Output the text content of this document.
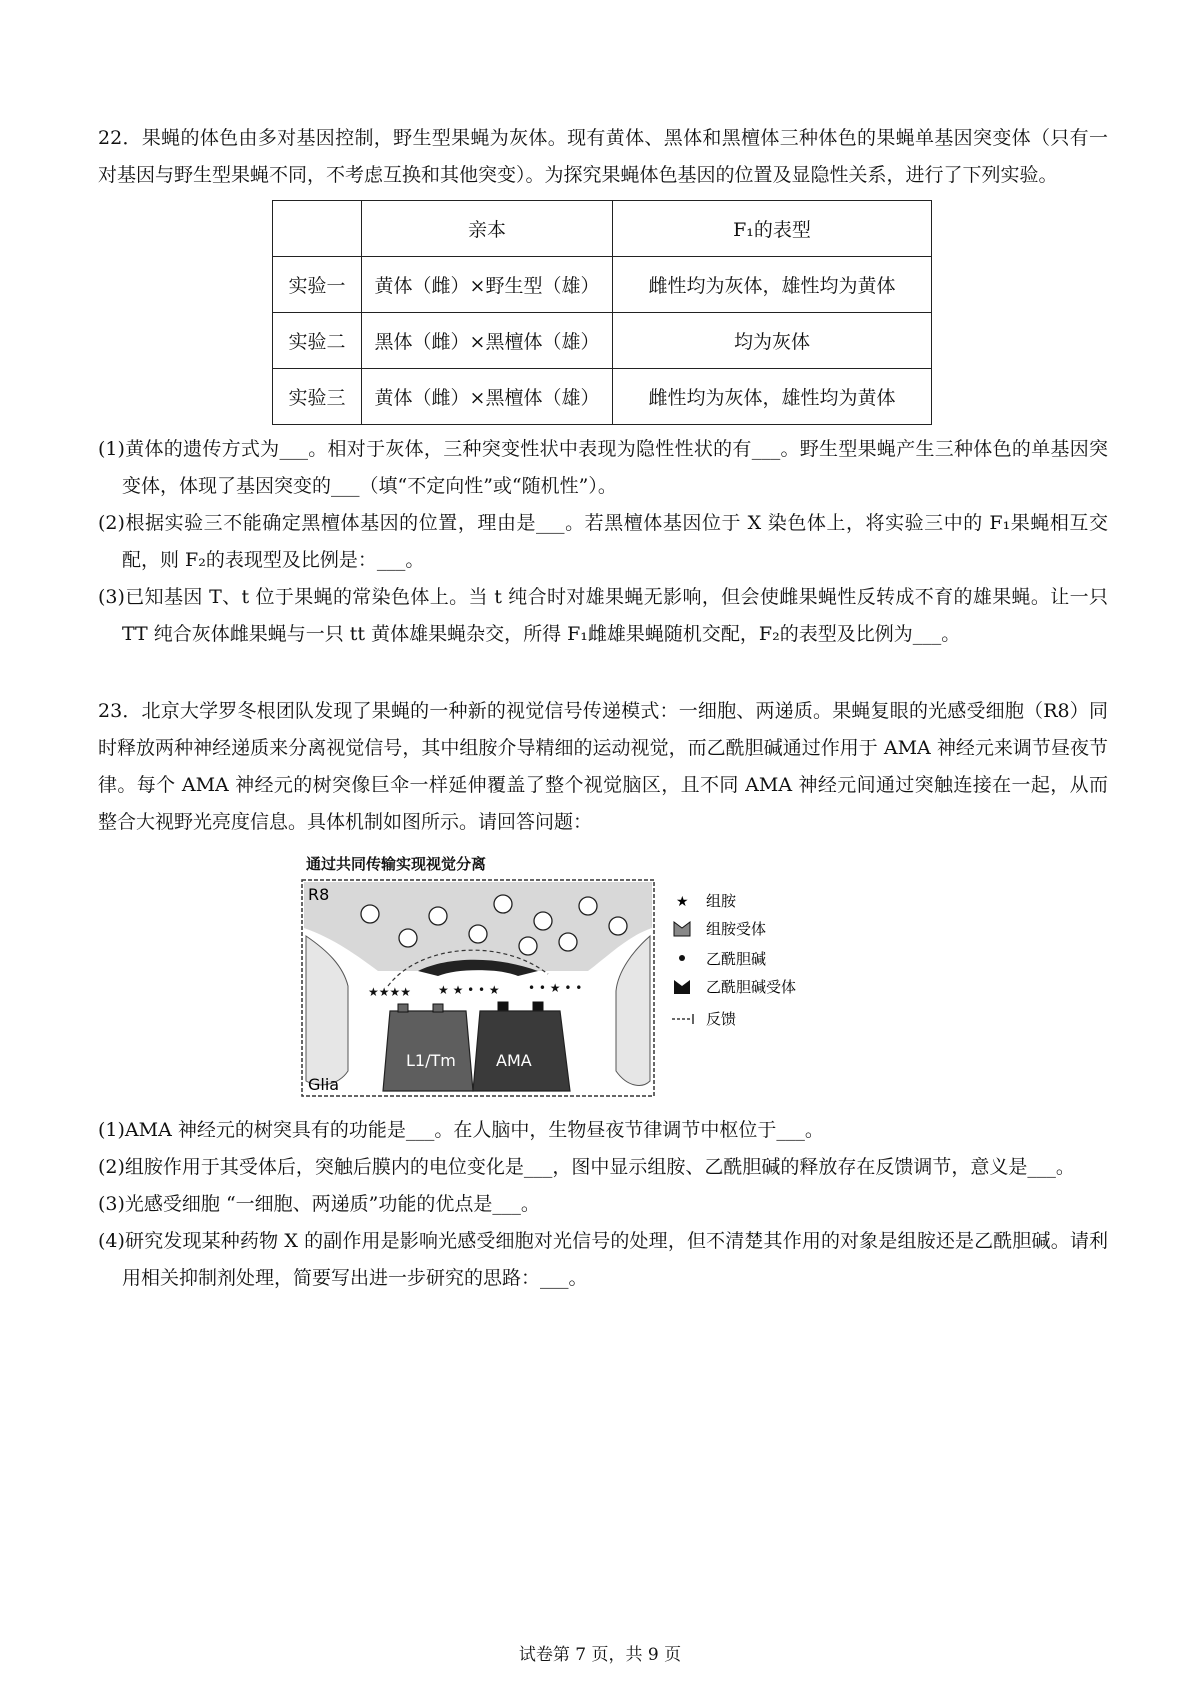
22．果蝇的体色由多对基因控制，野生型果蝇为灰体。现有黄体、黑体和黑檀体三种体色的果蝇单基因突变体（只有一对基因与野生型果蝇不同，不考虑互换和其他突变）。为探究果蝇体色基因的位置及显隐性关系，进行了下列实验。

	亲本	F₁的表型
实验一	黄体（雌）×野生型（雄）	雌性均为灰体，雄性均为黄体
实验二	黑体（雌）×黑檀体（雄）	均为灰体
实验三	黄体（雌）×黑檀体（雄）	雌性均为灰体，雄性均为黄体

(1)黄体的遗传方式为___。相对于灰体，三种突变性状中表现为隐性性状的有___。野生型果蝇产生三种体色的单基因突变体，体现了基因突变的___（填“不定向性”或“随机性”）。

(2)根据实验三不能确定黑檀体基因的位置，理由是___。若黑檀体基因位于 X 染色体上，将实验三中的 F₁果蝇相互交配，则 F₂的表现型及比例是：___。

(3)已知基因 T、t 位于果蝇的常染色体上。当 t 纯合时对雄果蝇无影响，但会使雌果蝇性反转成不育的雄果蝇。让一只 TT 纯合灰体雌果蝇与一只 tt 黄体雄果蝇杂交，所得 F₁雌雄果蝇随机交配，F₂的表型及比例为___。

23．北京大学罗冬根团队发现了果蝇的一种新的视觉信号传递模式：一细胞、两递质。果蝇复眼的光感受细胞（R8）同时释放两种神经递质来分离视觉信号，其中组胺介导精细的运动视觉，而乙酰胆碱通过作用于 AMA 神经元来调节昼夜节律。每个 AMA 神经元的树突像巨伞一样延伸覆盖了整个视觉脑区，且不同 AMA 神经元间通过突触连接在一起，从而整合大视野光亮度信息。具体机制如图所示。请回答问题：

通过共同传输实现视觉分离
★★★★ ★ ★ • • ★ • • ★ • •
L1/Tm	AMA
R8
Glia
★ 组胺
组胺受体
乙酰胆碱
乙酰胆碱受体
反馈

(1)AMA 神经元的树突具有的功能是___。在人脑中，生物昼夜节律调节中枢位于___。

(2)组胺作用于其受体后，突触后膜内的电位变化是___，图中显示组胺、乙酰胆碱的释放存在反馈调节，意义是___。

(3)光感受细胞 “一细胞、两递质”功能的优点是___。

(4)研究发现某种药物 X 的副作用是影响光感受细胞对光信号的处理，但不清楚其作用的对象是组胺还是乙酰胆碱。请利用相关抑制剂处理，简要写出进一步研究的思路：___。

试卷第 7 页，共 9 页
